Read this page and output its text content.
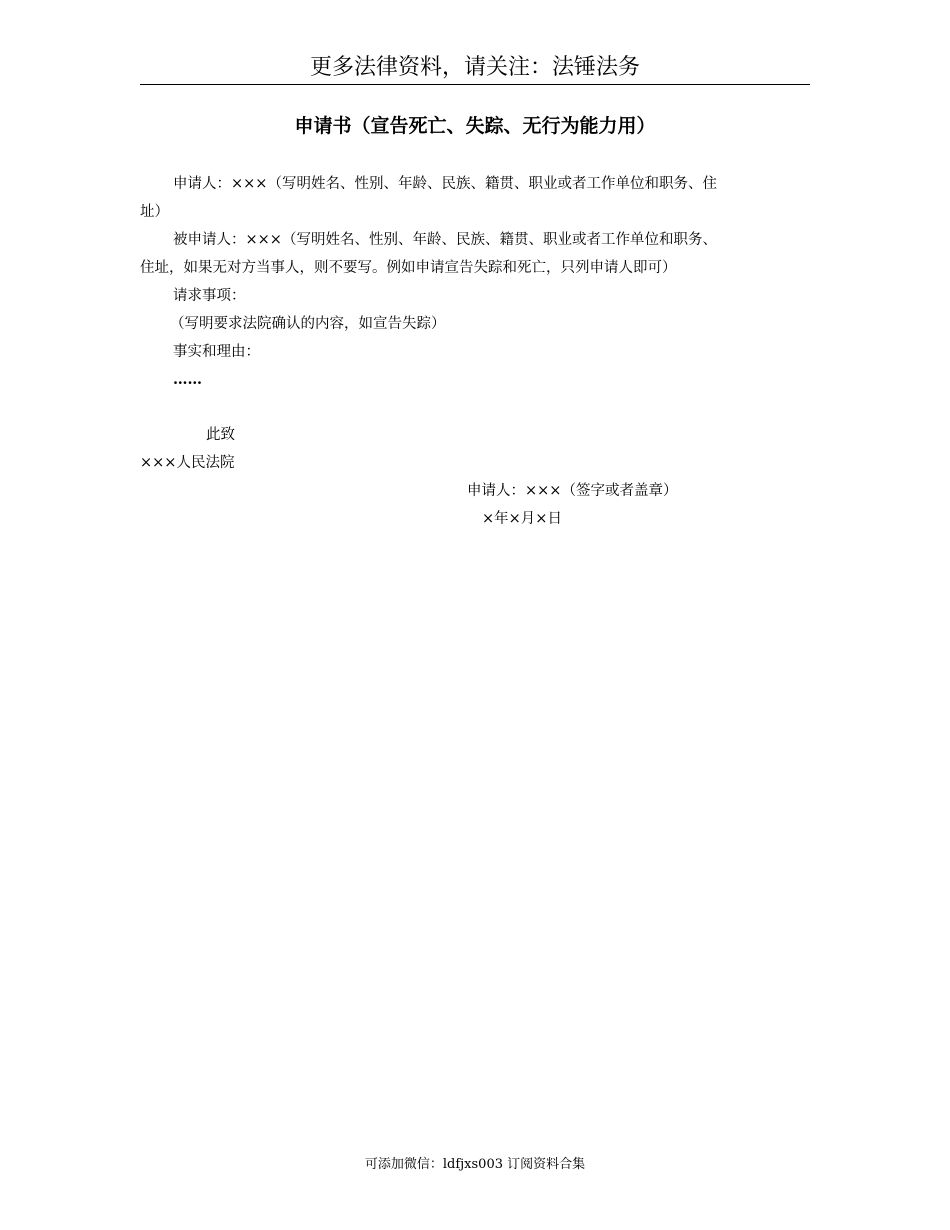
更多法律资料，请关注：法锤法务
申请书（宣告死亡、失踪、无行为能力用）

申请人：×××（写明姓名、性别、年龄、民族、籍贯、职业或者工作单位和职务、住址）

被申请人：×××（写明姓名、性别、年龄、民族、籍贯、职业或者工作单位和职务、住址，如果无对方当事人，则不要写。例如申请宣告失踪和死亡，只列申请人即可）

请求事项：

（写明要求法院确认的内容，如宣告失踪）

事实和理由：

……

此致
×××人民法院
申请人：×××（签字或者盖章）
×年×月×日
可添加微信：ldfjxs003 订阅资料合集
